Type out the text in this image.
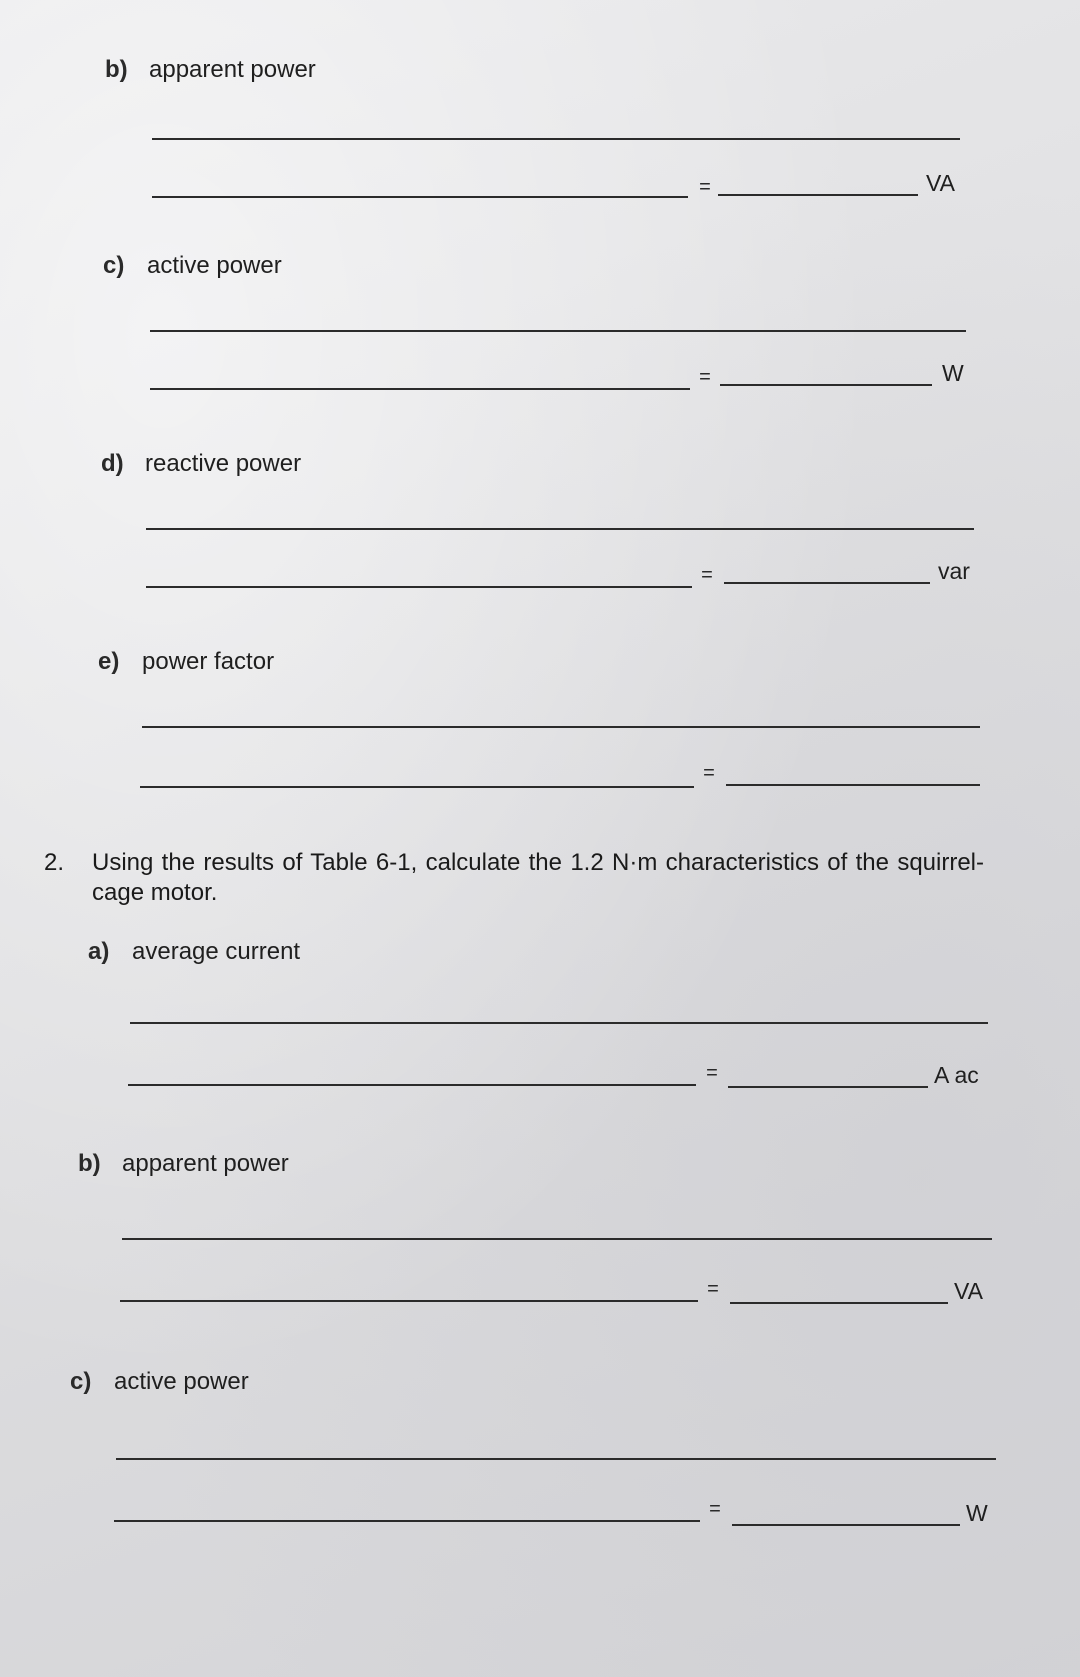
b) apparent power
=	VA
c) active power
=	W
d) reactive power
=	var
e) power factor
=
2. Using the results of Table 6-1, calculate the 1.2 N·m characteristics of the squirrel-cage motor.
a) average current
=	A ac
b) apparent power
=	VA
c) active power
=	W
